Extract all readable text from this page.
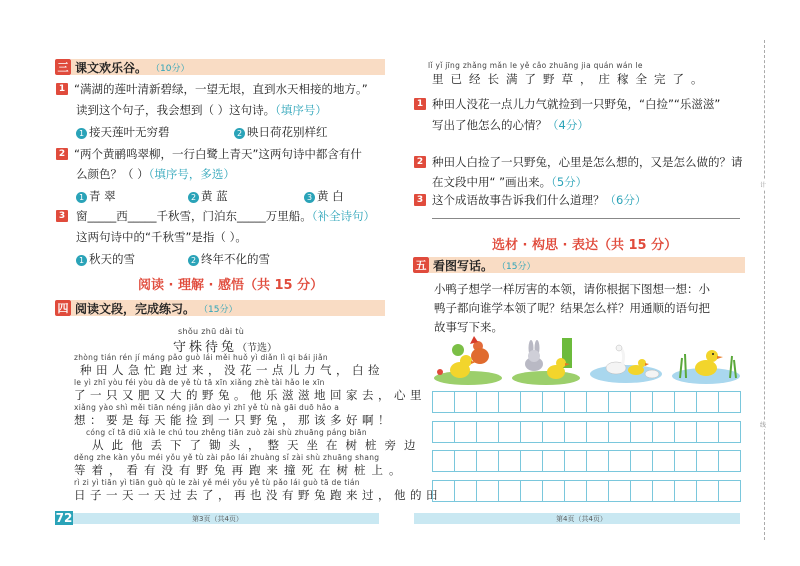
三 课文欢乐谷。 （10分）
1 “满湖的莲叶清新碧绿，一望无垠，直到水天相接的地方。”
读到这个句子，我会想到（ ）这句诗。（填序号）
1 接天莲叶无穷碧	2 映日荷花别样红
2 “两个黄鹂鸣翠柳，一行白鹭上青天”这两句诗中都含有什
么颜色？（ ）（填序号，多选）
1 青 翠	2 黄 蓝	3 黄 白
3 窗_____西_____千秋雪，门泊东_____万里船。（补全诗句）
这两句诗中的“千秋雪”是指（ ）。
1 秋天的雪	2 终年不化的雪
阅读 · 理解 · 感悟（共 15 分）
四 阅读文段，完成练习。 （15分）
shǒu zhū dài tù
守株待兔（节选）
zhòng tián rén jí máng pǎo guò lái měi huǒ yì diǎn lì qi bái jiǎn
种田人急忙跑过来，没花一点儿力气，白捡
le yì zhī yòu féi yòu dà de yě tù tā xīn xiǎng zhè tài hǎo le xīn
了一只又肥又大的野兔。他乐滋滋地回家去，心里
xiǎng yào shì měi tiān néng jiǎn dào yì zhī yě tù nà gāi duō hǎo a
想：要是每天能捡到一只野兔，那该多好啊！
cóng cǐ tā diū xià le chú tou zhěng tiān zuò zài shù zhuāng páng biān
从此他丢下了锄头，整天坐在树桩旁边
děng zhe kàn yǒu méi yǒu yě tù zài pǎo lái zhuàng sǐ zài shù zhuāng shang
等着，看有没有野兔再跑来撞死在树桩上。
rì zi yì tiān yì tiān guò qù le zài yě méi yǒu yě tù pǎo lái guò tā de tián
日子一天一天过去了，再也没有野兔跑来过，他的田
72	第3页（共4页）
lǐ yǐ jīng zhǎng mǎn le yě cǎo zhuāng jia quán wán le
里已经长满了野草，庄稼全完了。
1 种田人没花一点儿力气就捡到一只野兔，“白捡”“乐滋滋”
写出了他怎么的心情？（4分）
2 种田人白捡了一只野兔，心里是怎么想的，又是怎么做的？请
在文段中用“ ”画出来。（5分）
3 这个成语故事告诉我们什么道理？（6分）
选材 · 构思 · 表达（共 15 分）
五 看图写话。 （15分）
小鸭子想学一样厉害的本领，请你根据下图想一想：小
鸭子都向谁学本领了呢？结果怎么样？用通顺的语句把
故事写下来。
第4页（共4页）
计
线
